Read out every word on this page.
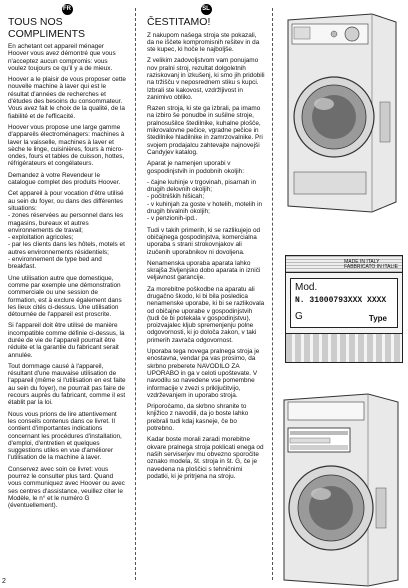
FR
TOUS NOS COMPLIMENTS

En achetant cet appareil ménager Hoover vous avez démontré que vous n'acceptez aucun compromis: vous voulez toujours ce qu'il y a de mieux.

Hoover a le plaisir de vous proposer cette nouvelle machine à laver qui est le résultat d'années de recherches et d'études des besoins du consommateur. Vous avez fait le choix de la qualité, de la fiabilité et de l'efficacité.

Hoover vous propose une large gamme d'appareils électroménagers: machines à laver la vaisselle, machines à laver et sèche le linge, cuisinières, fours à micro-ondes, fours et tables de cuisson, hottes, réfrigérateurs et congélateurs.

Demandez à votre Revendeur le catalogue complet des produits Hoover.

Cet appareil à pour vocation d'être utilisé au sein du foyer, ou dans des différentes situations:
- zones réservées au personnel dans les magasins, bureaux et autres environnements de travail;
- exploitation agricoles;
- par les clients dans les hôtels, motels et autres environnements résidentiels;
- environnement de type bed and breakfast.

Une utilisation autre que domestique, comme par exemple une démonstration commerciale ou une session de formation, est à exclure également dans les lieux cités ci-dessus. Une utilisation détournée de l'appareil est proscrite.

Si l'appareil doit être utilisé de manière incompatible comme définie ci-dessus, la durée de vie de l'appareil pourrait être réduite et la garantie du fabricant serait annulée.

Tout dommage causé à l'appareil, résultant d'une mauvaise utilisation de l'appareil (même si l'utilisation en est faite au sein du foyer), ne pourrait pas faire de recours auprès du fabricant, comme il est établit par la loi.

Nous vous prions de lire attentivement les conseils contenus dans ce livret. Il contient d'importantes indications concernant les procédures d'installation, d'emploi, d'entretien et quelques suggestions utiles en vue d'améliorer l'utilisation de la machine à laver.

Conservez avec soin ce livret: vous pourrez le consulter plus tard. Quand vous communiquez avec Hoover ou avec ses centres d'assistance, veuillez citer le Modèle, le n° et le numéro G (éventuellement).

SL
ČESTITAMO!

Z nakupom našega stroja ste pokazali, da ne iščete kompromisnih rešitev in da ste kupec, ki hoče le najboljše.

Z velikim zadovoljstvom vam ponujamo nov pralni stroj, rezultat dolgoletnih raziskovanj in izkušenj, ki smo jih pridobili na tržišču v neposrednem stiku s kupci. Izbrali ste kakovost, vzdržljivost in zanimivo obliko.

Razen stroja, ki ste ga izbrali, pa imamo na izbiro še ponudbe in sušilne stroje, pralnosušilce štedilnike, kuhalne plošče, mikrovalovne pečice, vgradne pečice in štedilnike hladilnike in zamrzovalnike. Pri svojem prodajalcu zahtevajte najnovejši Candyjev katalog.

Aparat je namenjen uporabi v gospodinjstvih in podobnih okoljih:

- čajne kuhinje v trgovinah, pisarnah in drugih delovnih okoljih;
- počitniških hišicah;
- v kuhinjah za goste v hotelih, motelih in drugih bivalnih okoljih;
- v penzionih-ipd..

Tudi v takih primerih, ki se razlikujejo od običajnega gospodinjstva, komercialna uporaba s strani strokovnjakov ali izučenih uporabnikov ni dovoljena.

Nenamenska uporaba aparata lahko skrajša življenjsko dobo aparata in izniči veljavnost garancije.

Za morebitne poškodbe na aparatu ali drugačno škodo, ki bi bila posledica nenamenske uporabe, ki bi se razlikovala od običajne uporabe v gospodinjstvih (tudi če bi potekala v gospodinjstvu), proizvajalec kljub spremenjenju polne odgovornosti, ki jo določa zakon, v taki primerih zavrača odgovornost.

Uporaba tega novega pralnega stroja je enostavna, vendar pa vas prosimo, da skrbno preberete NAVODILO ZA UPORABO in ga v celoti upoštevate. V navodilu so navedene vse pomembne informacije v zvezi s priključitvijo, vzdrževanjem in uporabo stroja.

Priporočamo, da skrbno shranite to knjižico z navodili, da jo boste lahko prebrali tudi kdaj kasneje, če bo potrebno.

Kadar boste morali zaradi morebitne okvare pralnega stroja poklicati enega od naših serviserjev mu obvezno sporočite oznako modela, št. stroja in št. G, če je navedena na ploščici s tehničnimi podatki, ki je pritrjena na stroju.

MADE IN ITALY
FABBRICATO IN ITALIE
Mod.
N. 31000793XXX XXXX
G	Type
2
